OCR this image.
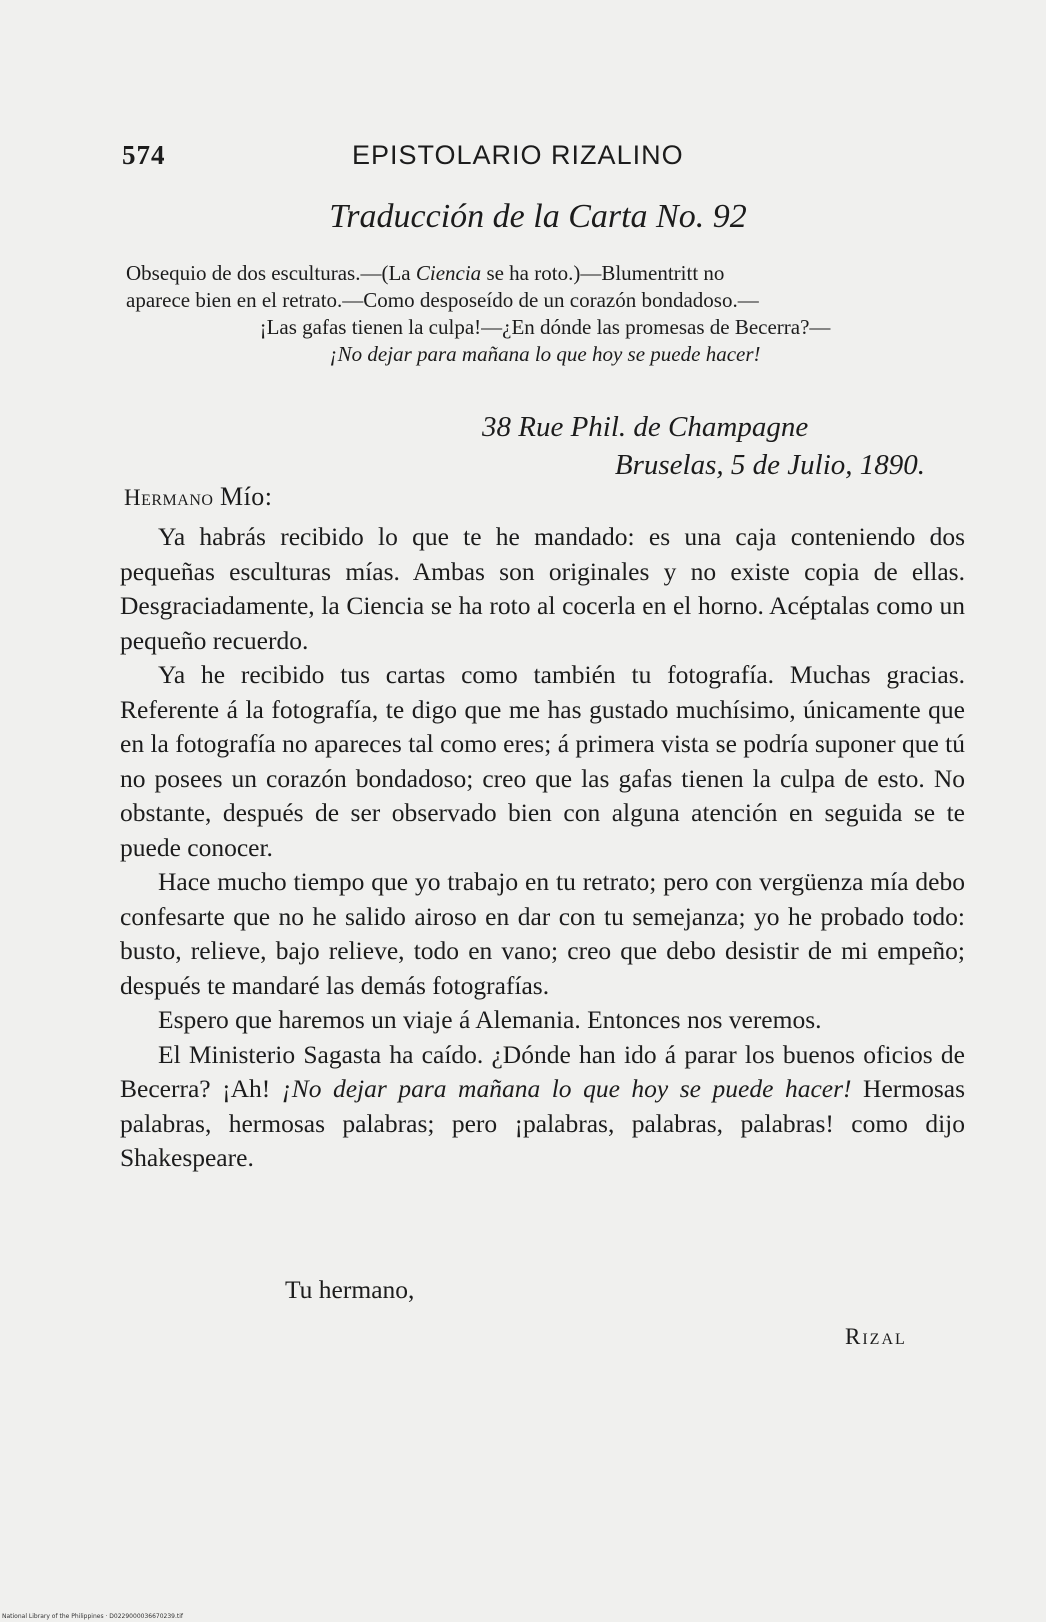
574	EPISTOLARIO RIZALINO
Traducción de la Carta No. 92
Obsequio de dos esculturas.—(La Ciencia se ha roto.)—Blumentritt no
aparece bien en el retrato.—Como desposeído de un corazón bondadoso.—
¡Las gafas tienen la culpa!—¿En dónde las promesas de Becerra?—
¡No dejar para mañana lo que hoy se puede hacer!
38 Rue Phil. de Champagne
Bruselas, 5 de Julio, 1890.
Hermano Mío:

Ya habrás recibido lo que te he mandado: es una caja conteniendo dos pequeñas esculturas mías. Ambas son originales y no existe copia de ellas. Desgraciadamente, la Ciencia se ha roto al cocerla en el horno. Acéptalas como un pequeño recuerdo.

Ya he recibido tus cartas como también tu fotografía. Muchas gracias. Referente á la fotografía, te digo que me has gustado muchísimo, únicamente que en la fotografía no apareces tal como eres; á primera vista se podría suponer que tú no posees un corazón bondadoso; creo que las gafas tienen la culpa de esto. No obstante, después de ser observado bien con alguna atención en seguida se te puede conocer.

Hace mucho tiempo que yo trabajo en tu retrato; pero con vergüenza mía debo confesarte que no he salido airoso en dar con tu semejanza; yo he probado todo: busto, relieve, bajo relieve, todo en vano; creo que debo desistir de mi empeño; después te mandaré las demás fotografías.

Espero que haremos un viaje á Alemania. Entonces nos veremos.

El Ministerio Sagasta ha caído. ¿Dónde han ido á parar los buenos oficios de Becerra? ¡Ah! ¡No dejar para mañana lo que hoy se puede hacer! Hermosas palabras, hermosas palabras; pero ¡palabras, palabras, palabras! como dijo Shakespeare.

Tu hermano,
Rizal
National Library of the Philippines · D0229000036670239.tif
